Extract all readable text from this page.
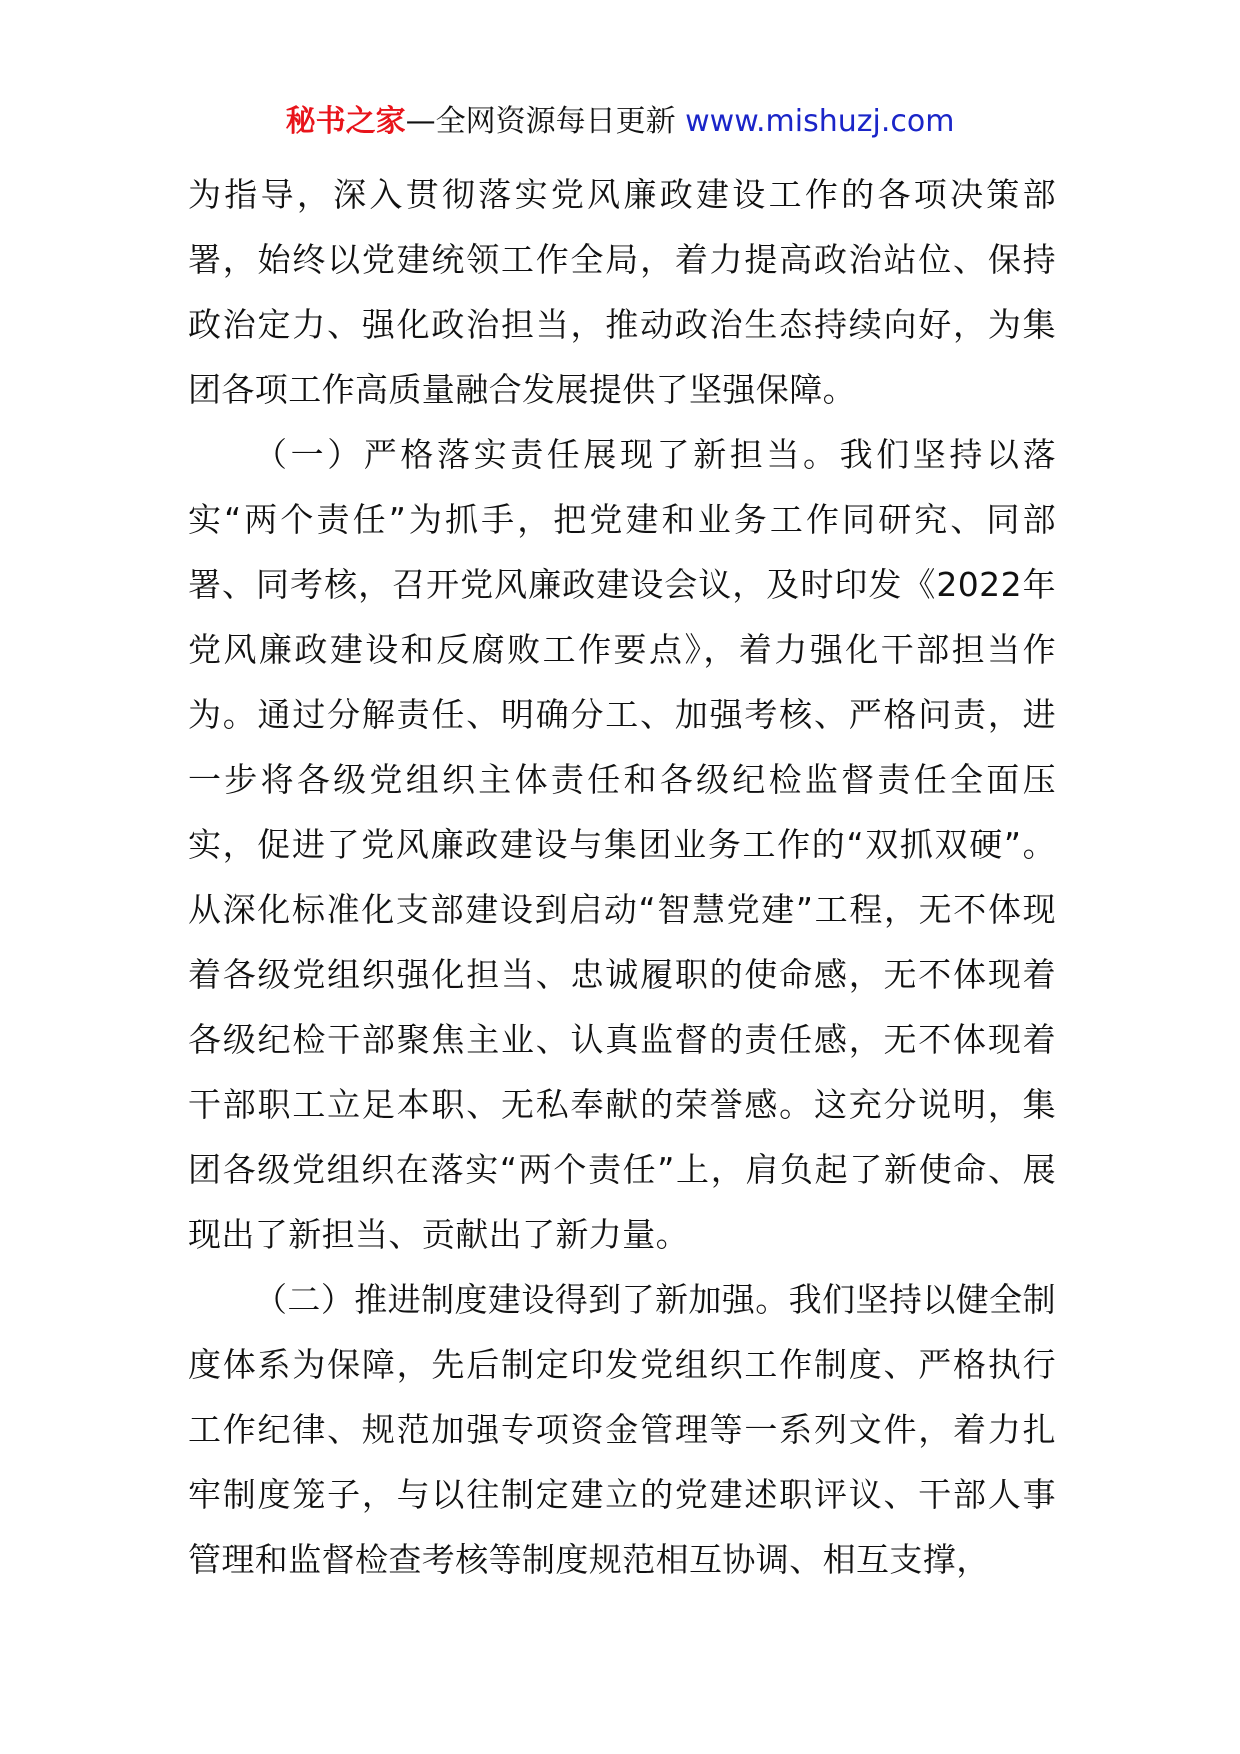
秘书之家—全网资源每日更新 www.mishuzj.com

为指导，深入贯彻落实党风廉政建设工作的各项决策部署，始终以党建统领工作全局，着力提高政治站位、保持政治定力、强化政治担当，推动政治生态持续向好，为集团各项工作高质量融合发展提供了坚强保障。

（一）严格落实责任展现了新担当。我们坚持以落实“两个责任”为抓手，把党建和业务工作同研究、同部署、同考核，召开党风廉政建设会议，及时印发《2022年党风廉政建设和反腐败工作要点》，着力强化干部担当作为。通过分解责任、明确分工、加强考核、严格问责，进一步将各级党组织主体责任和各级纪检监督责任全面压实，促进了党风廉政建设与集团业务工作的“双抓双硬”。从深化标准化支部建设到启动“智慧党建”工程，无不体现着各级党组织强化担当、忠诚履职的使命感，无不体现着各级纪检干部聚焦主业、认真监督的责任感，无不体现着干部职工立足本职、无私奉献的荣誉感。这充分说明，集团各级党组织在落实“两个责任”上，肩负起了新使命、展现出了新担当、贡献出了新力量。

（二）推进制度建设得到了新加强。我们坚持以健全制度体系为保障，先后制定印发党组织工作制度、严格执行工作纪律、规范加强专项资金管理等一系列文件，着力扎牢制度笼子，与以往制定建立的党建述职评议、干部人事管理和监督检查考核等制度规范相互协调、相互支撑，
